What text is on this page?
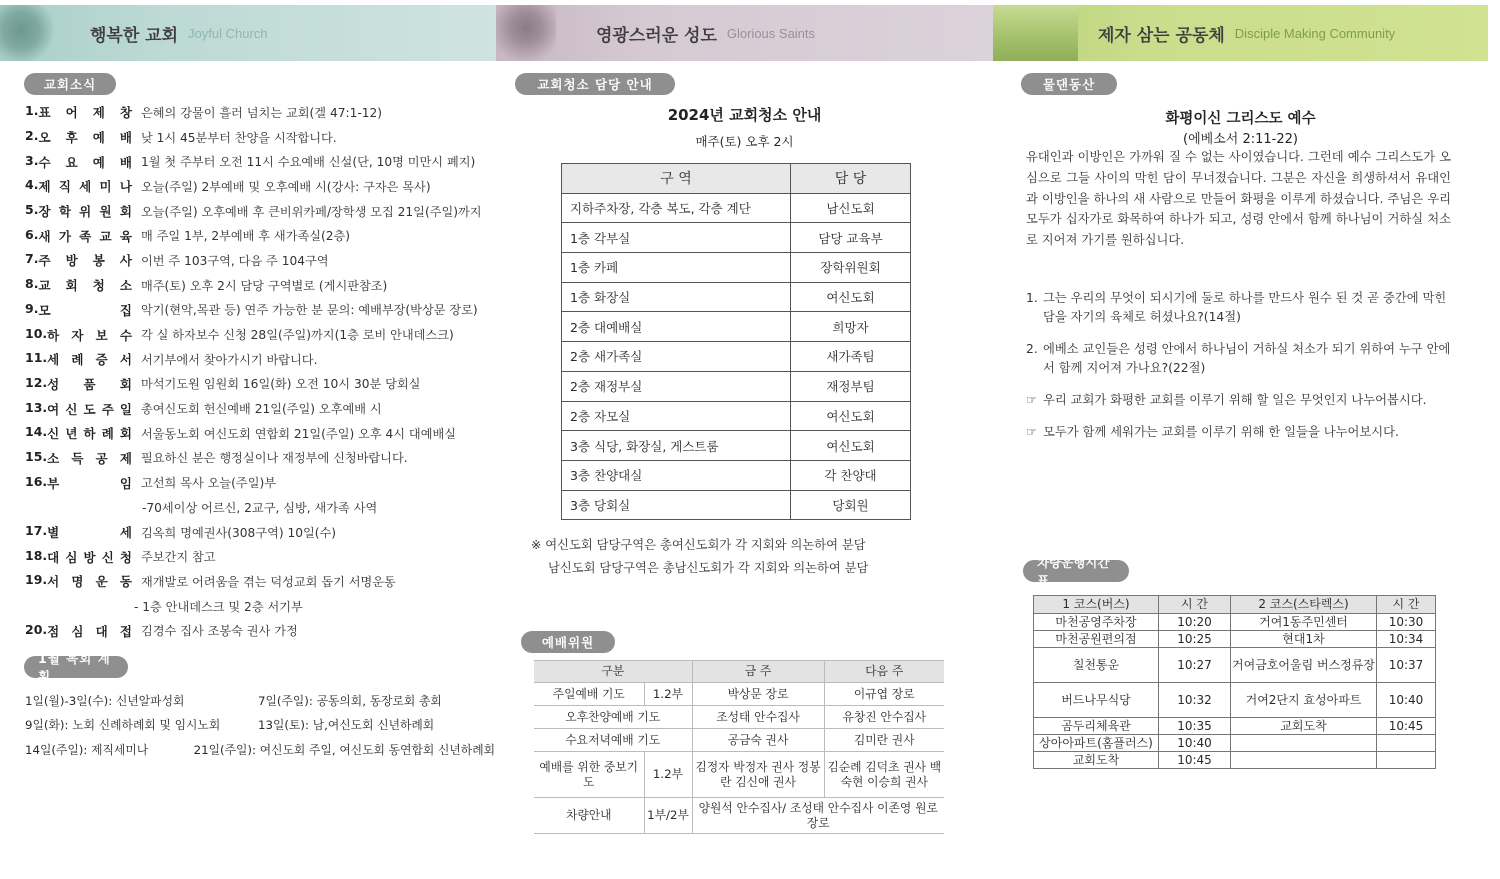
행복한 교회 Joyful Church
교회소식
1. 표 어 제 창 은혜의 강물이 흘러 넘치는 교회(겔 47:1-12)
2. 오 후 예 배 낮 1시 45분부터 찬양을 시작합니다.
3. 수 요 예 배 1월 첫 주부터 오전 11시 수요예배 신설(단, 10명 미만시 폐지)
4. 제 직 세 미 나 오늘(주일) 2부예배 및 오후예배 시(강사: 구자은 목사)
5. 장 학 위 원 회 오늘(주일) 오후예배 후 큰비위카페/장학생 모집 21일(주일)까지
6. 새 가 족 교 육 매 주일 1부, 2부예배 후 새가족실(2층)
7. 주 방 봉 사 이번 주 103구역, 다음 주 104구역
8. 교 회 청 소 매주(토) 오후 2시 담당 구역별로 (게시판참조)
9. 모	집 악기(현악,목관 등) 연주 가능한 분 문의: 예배부장(박상문 장로)
10. 하 자 보 수 각 실 하자보수 신청 28일(주일)까지(1층 로비 안내데스크)
11. 세 례 증 서 서기부에서 찾아가시기 바랍니다.
12. 성 품 회 마석기도원 임원회 16일(화) 오전 10시 30분 당회실
13. 여 신 도 주 일 총여신도회 헌신예배 21일(주일) 오후예배 시
14. 신 년 하 례 회 서울동노회 여신도회 연합회 21일(주일) 오후 4시 대예배실
15. 소 득 공 제 필요하신 분은 행정실이나 재정부에 신청바랍니다.
16. 부	임 고선희 목사 오늘(주일)부
-70세이상 어르신, 2교구, 심방, 새가족 사역
17. 별	세 김옥희 명예권사(308구역) 10일(수)
18. 대 심 방 신 청 주보간지 참고
19. 서 명 운 동 재개발로 어려움을 겪는 덕성교회 돕기 서명운동
- 1층 안내데스크 및 2층 서기부
20. 점 심 대 접 김경수 집사 조봉숙 권사 가정
1월 목회 계획
1일(월)-3일(수): 신년알파성회	7일(주일): 공동의회, 동장로회 총회
9일(화): 노회 신례하례회 및 임시노회	13일(토): 남,여신도회 신년하례회
14일(주일): 제직세미나	21일(주일): 여신도회 주일, 여신도회 동연합회 신년하례회
영광스러운 성도 Glorious Saints
교회청소 담당 안내
2024년 교회청소 안내
매주(토) 오후 2시
구 역	담 당
지하주차장, 각층 복도, 각층 계단	남신도회
1층 각부실	담당 교육부
1층 카페	장학위원회
1층 화장실	여신도회
2층 대예배실	희망자
2층 새가족실	새가족팀
2층 재정부실	재정부팀
2층 자모실	여신도회
3층 식당, 화장실, 게스트룸	여신도회
3층 찬양대실	각 찬양대
3층 당회실	당회원
※ 여신도회 담당구역은 총여신도회가 각 지회와 의논하여 분담
남신도회 담당구역은 총남신도회가 각 지회와 의논하여 분담
예배위원
구분		금 주	다음 주
주일예배 기도	1.2부	박상문 장로	이규엽 장로
오후찬양예배 기도		조성태 안수집사	유창진 안수집사
수요저녁예배 기도		공금숙 권사	김미란 권사
예배를 위한 중보기도	1.2부	김정자 박정자 권사 정봉란 김신애 권사	김순례 김덕초 권사 백숙현 이승희 권사
차량안내	1부/2부	양원석 안수집사/ 조성태 안수집사 이존영 원로장로	
제자 삼는 공동체 Disciple Making Community
물댄동산
화평이신 그리스도 예수
(에베소서 2:11-22)
유대인과 이방인은 가까워 질 수 없는 사이였습니다. 그런데 예수 그리스도가 오심으로 그들 사이의 막힌 담이 무너졌습니다. 그분은 자신을 희생하셔서 유대인과 이방인을 하나의 새 사람으로 만들어 화평을 이루게 하셨습니다. 주님은 우리 모두가 십자가로 화목하여 하나가 되고, 성령 안에서 함께 하나님이 거하실 처소로 지어져 가기를 원하십니다.
1. 그는 우리의 무엇이 되시기에 둘로 하나를 만드사 원수 된 것 곧 중간에 막힌 담을 자기의 육체로 허셨나요?(14절)
2. 에베소 교인들은 성령 안에서 하나님이 거하실 처소가 되기 위하여 누구 안에서 함께 지어져 가나요?(22절)
☞ 우리 교회가 화평한 교회를 이루기 위해 할 일은 무엇인지 나누어봅시다.
☞ 모두가 함께 세워가는 교회를 이루기 위해 한 일들을 나누어보시다.
차량운행시간표
1 코스(버스)	시 간	2 코스(스타렉스)	시 간
마천공영주차장	10:20	거여1동주민센터	10:30
마천공원편의점	10:25	현대1차	10:34
칠천통운	10:27	거여금호어울림 버스정류장	10:37
버드나무식당	10:32	거여2단지 효성아파트	10:40
곰두리체육관	10:35	교회도착	10:45
상아아파트(홈플러스)	10:40		
교회도착	10:45		
